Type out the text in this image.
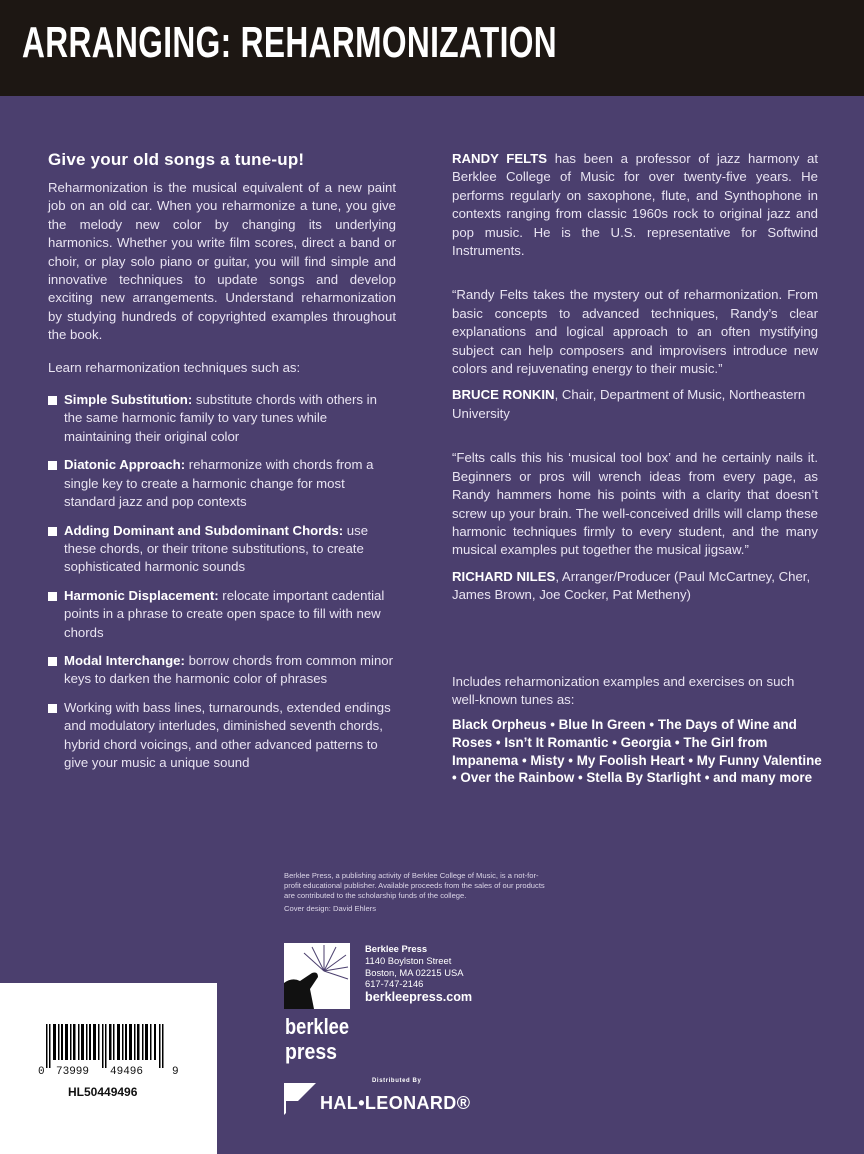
ARRANGING: REHARMONIZATION
Give your old songs a tune-up!

Reharmonization is the musical equivalent of a new paint job on an old car. When you reharmonize a tune, you give the melody new color by changing its underlying harmonics. Whether you write film scores, direct a band or choir, or play solo piano or guitar, you will find simple and innovative techniques to update songs and develop exciting new arrangements. Understand reharmonization by studying hundreds of copyrighted examples throughout the book.

Learn reharmonization techniques such as:

Simple Substitution: substitute chords with others in the same harmonic family to vary tunes while maintaining their original color
Diatonic Approach: reharmonize with chords from a single key to create a harmonic change for most standard jazz and pop contexts
Adding Dominant and Subdominant Chords: use these chords, or their tritone substitutions, to create sophisticated harmonic sounds
Harmonic Displacement: relocate important cadential points in a phrase to create open space to fill with new chords
Modal Interchange: borrow chords from common minor keys to darken the harmonic color of phrases
Working with bass lines, turnarounds, extended endings and modulatory interludes, diminished seventh chords, hybrid chord voicings, and other advanced patterns to give your music a unique sound

RANDY FELTS has been a professor of jazz harmony at Berklee College of Music for over twenty-five years. He performs regularly on saxophone, flute, and Synthophone in contexts ranging from classic 1960s rock to original jazz and pop music. He is the U.S. representative for Softwind Instruments.

“Randy Felts takes the mystery out of reharmonization. From basic concepts to advanced techniques, Randy’s clear explanations and logical approach to an often mystifying subject can help composers and improvisers introduce new colors and rejuvenating energy to their music.”

BRUCE RONKIN, Chair, Department of Music, Northeastern University

“Felts calls this his ‘musical tool box’ and he certainly nails it. Beginners or pros will wrench ideas from every page, as Randy hammers home his points with a clarity that doesn’t screw up your brain. The well-conceived drills will clamp these harmonic techniques firmly to every student, and the many musical examples put together the musical jigsaw.”

RICHARD NILES, Arranger/Producer (Paul McCartney, Cher, James Brown, Joe Cocker, Pat Metheny)

Includes reharmonization examples and exercises on such well-known tunes as:

Black Orpheus • Blue In Green • The Days of Wine and Roses • Isn’t It Romantic • Georgia • The Girl from Impanema • Misty • My Foolish Heart • My Funny Valentine • Over the Rainbow • Stella By Starlight • and many more

Berklee Press, a publishing activity of Berklee College of Music, is a not-for-profit educational publisher. Available proceeds from the sales of our products are contributed to the scholarship funds of the college.

Cover design: David Ehlers

berklee
press

Berklee Press

1140 Boylston Street

Boston, MA 02215 USA

617-747-2146

berkleepress.com

Distributed By
HAL•LEONARD®
0 73999 49496	9
HL50449496
